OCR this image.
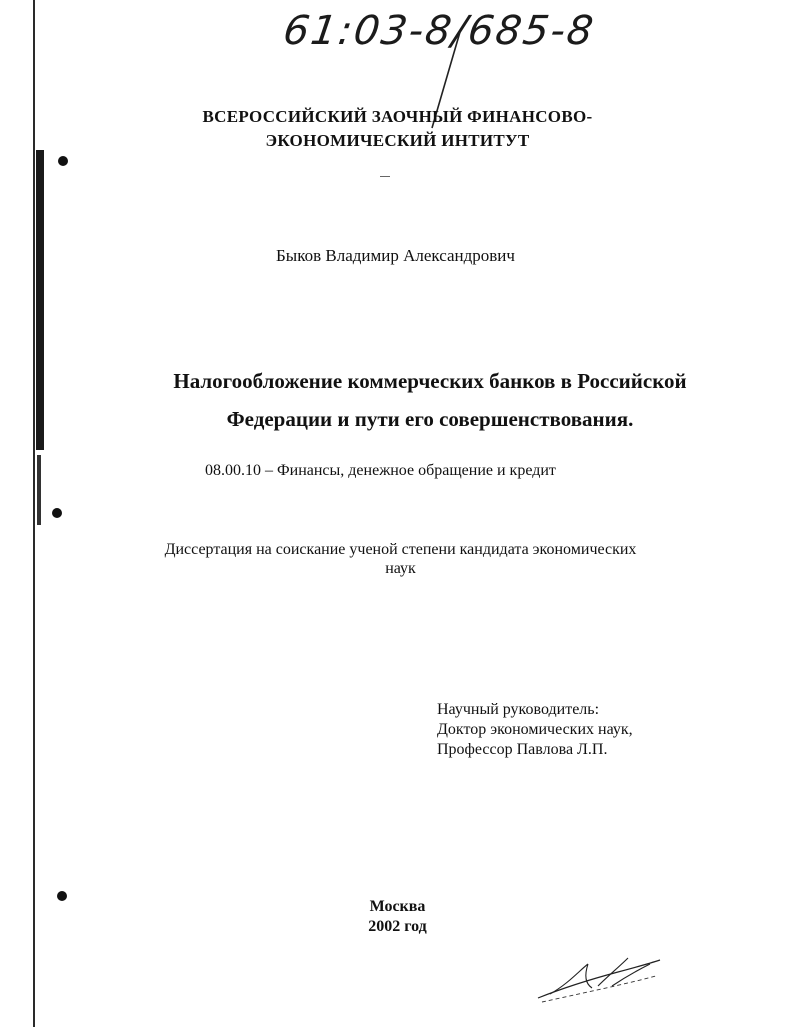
61:03-8/685-8
ВСЕРОССИЙСКИЙ ЗАОЧНЫЙ ФИНАНСОВО-
ЭКОНОМИЧЕСКИЙ ИНТИТУТ
Быков Владимир Александрович
Налогообложение коммерческих банков в Российской
Федерации и пути его совершенствования.
08.00.10 – Финансы, денежное обращение и кредит
Диссертация на соискание ученой степени кандидата экономических
наук
Научный руководитель:
Доктор экономических наук,
Профессор Павлова Л.П.
Москва
2002 год
